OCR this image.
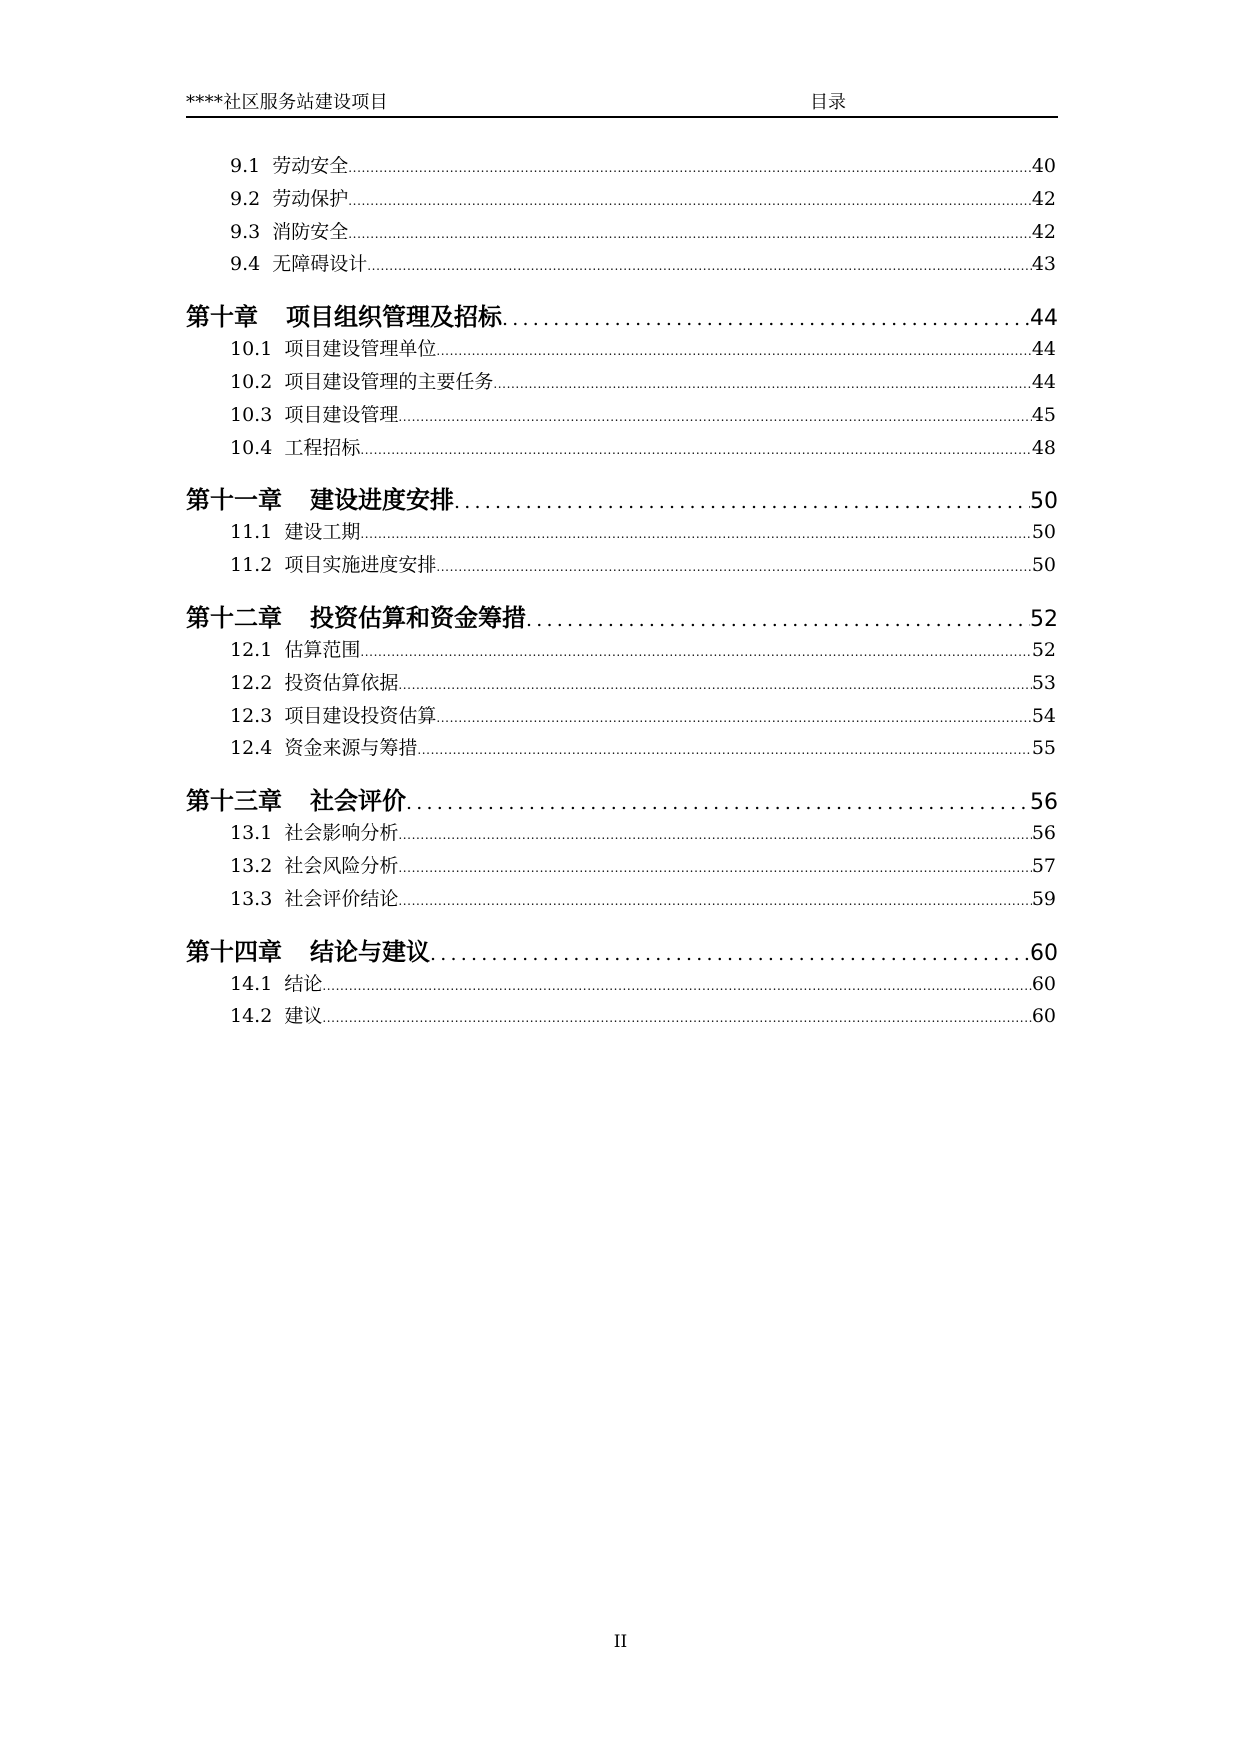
****社区服务站建设项目	目录
9.1 劳动安全 .....	40
9.2 劳动保护 .....	42
9.3 消防安全 .....	42
9.4 无障碍设计 .....	43
第十章 项目组织管理及招标 .....	44
10.1 项目建设管理单位 .....	44
10.2 项目建设管理的主要任务 .....	44
10.3 项目建设管理 .....	45
10.4 工程招标 .....	48
第十一章 建设进度安排 .....	50
11.1 建设工期 .....	50
11.2 项目实施进度安排 .....	50
第十二章 投资估算和资金筹措 .....	52
12.1 估算范围 .....	52
12.2 投资估算依据 .....	53
12.3 项目建设投资估算 .....	54
12.4 资金来源与筹措 .....	55
第十三章 社会评价 .....	56
13.1 社会影响分析 .....	56
13.2 社会风险分析 .....	57
13.3 社会评价结论 .....	59
第十四章 结论与建议 .....	60
14.1 结论 .....	60
14.2 建议 .....	60
II
